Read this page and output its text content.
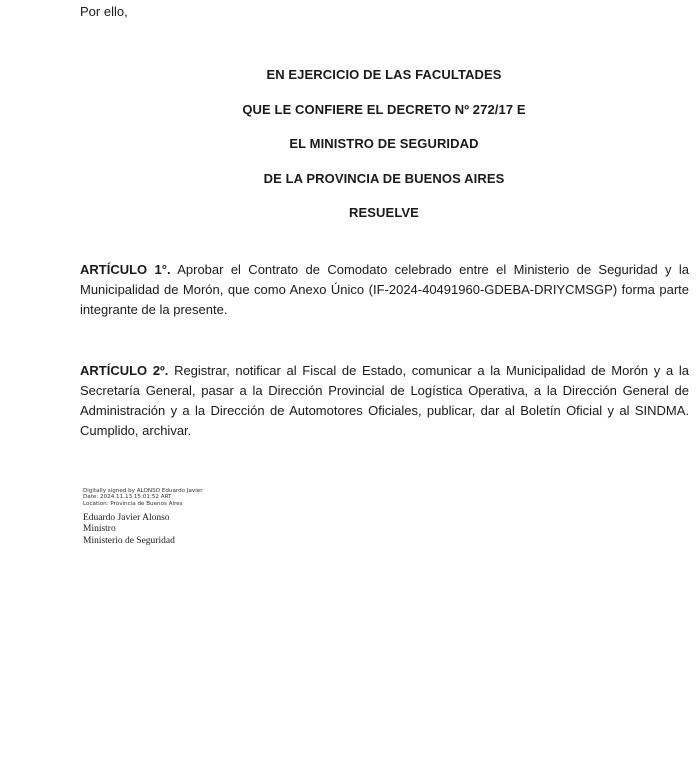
Por ello,
EN EJERCICIO DE LAS FACULTADES
QUE LE CONFIERE EL DECRETO Nº 272/17 E
EL MINISTRO DE SEGURIDAD
DE LA PROVINCIA DE BUENOS AIRES
RESUELVE
ARTÍCULO 1°. Aprobar el Contrato de Comodato celebrado entre el Ministerio de Seguridad y la Municipalidad de Morón, que como Anexo Único (IF-2024-40491960-GDEBA-DRIYCMSGP) forma parte integrante de la presente.
ARTÍCULO 2º. Registrar, notificar al Fiscal de Estado, comunicar a la Municipalidad de Morón y a la Secretaría General, pasar a la Dirección Provincial de Logística Operativa, a la Dirección General de Administración y a la Dirección de Automotores Oficiales, publicar, dar al Boletín Oficial y al SINDMA. Cumplido, archivar.
Digitally signed by ALONSO Eduardo Javier
Date: 2024.11.13 15:01:52 ART
Location: Provincia de Buenos Aires
Eduardo Javier Alonso
Ministro
Ministerio de Seguridad
